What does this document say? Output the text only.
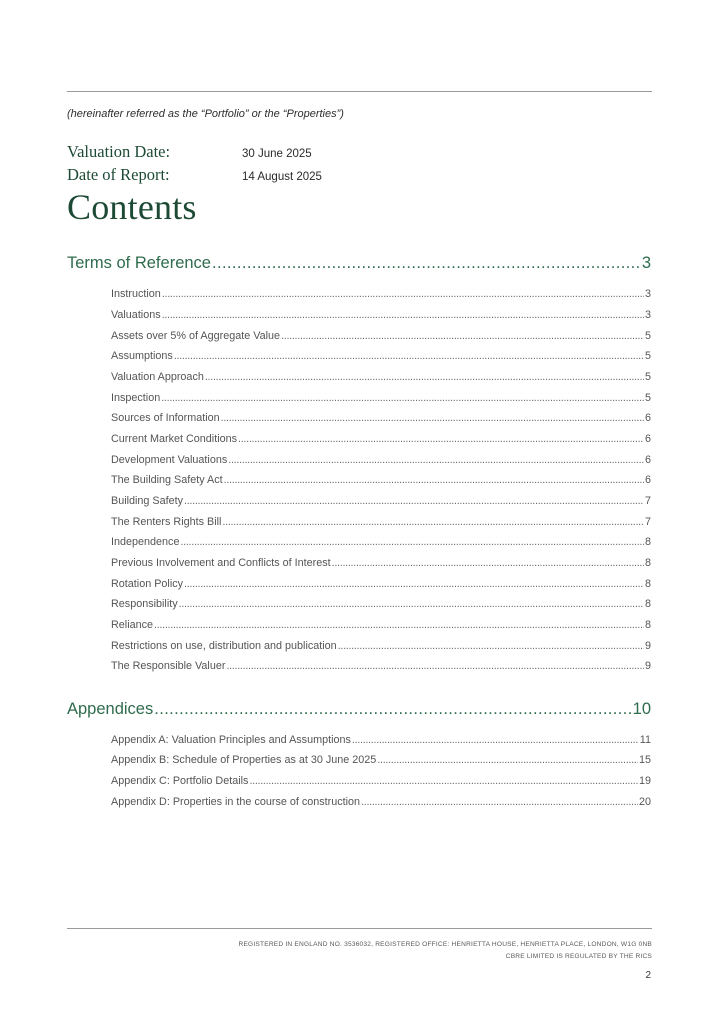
(hereinafter referred as the “Portfolio” or the “Properties”)
Valuation Date:	30 June 2025
Date of Report:	14 August 2025
Contents
Terms of Reference .....	3
Instruction .....	3
Valuations .....	3
Assets over 5% of Aggregate Value .....	5
Assumptions .....	5
Valuation Approach .....	5
Inspection .....	5
Sources of Information .....	6
Current Market Conditions .....	6
Development Valuations .....	6
The Building Safety Act .....	6
Building Safety .....	7
The Renters Rights Bill .....	7
Independence .....	8
Previous Involvement and Conflicts of Interest .....	8
Rotation Policy .....	8
Responsibility .....	8
Reliance .....	8
Restrictions on use, distribution and publication .....	9
The Responsible Valuer .....	9
Appendices .....	10
Appendix A: Valuation Principles and Assumptions .....	11
Appendix B: Schedule of Properties as at 30 June 2025 .....	15
Appendix C: Portfolio Details .....	19
Appendix D: Properties in the course of construction .....	20
REGISTERED IN ENGLAND NO. 3536032, REGISTERED OFFICE: HENRIETTA HOUSE, HENRIETTA PLACE, LONDON, W1G 0NB
CBRE LIMITED IS REGULATED BY THE RICS
2
